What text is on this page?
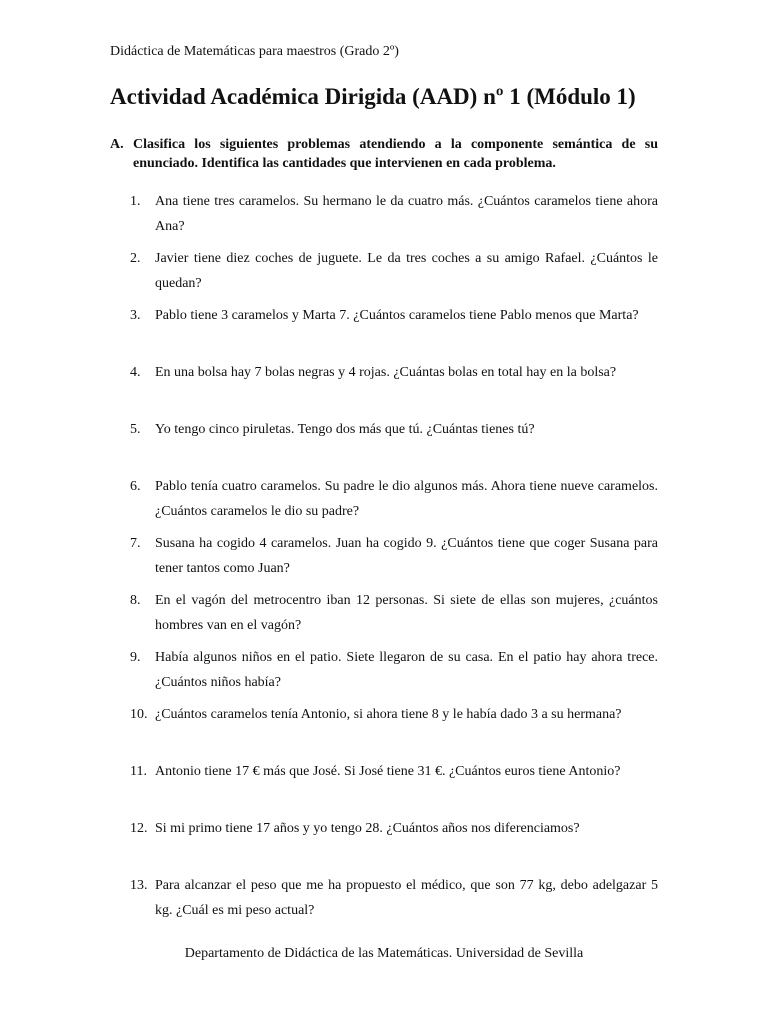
Didáctica de Matemáticas para maestros (Grado 2º)
Actividad Académica Dirigida (AAD) nº 1 (Módulo 1)
A. Clasifica los siguientes problemas atendiendo a la componente semántica de su enunciado. Identifica las cantidades que intervienen en cada problema.
1.	Ana tiene tres caramelos. Su hermano le da cuatro más. ¿Cuántos caramelos tiene ahora Ana?
2.	Javier tiene diez coches de juguete. Le da tres coches a su amigo Rafael. ¿Cuántos le quedan?
3.	Pablo tiene 3 caramelos y Marta 7. ¿Cuántos caramelos tiene Pablo menos que Marta?
4.	En una bolsa hay 7 bolas negras y 4 rojas. ¿Cuántas bolas en total hay en la bolsa?
5.	Yo tengo cinco piruletas. Tengo dos más que tú. ¿Cuántas tienes tú?
6.	Pablo tenía cuatro caramelos. Su padre le dio algunos más. Ahora tiene nueve caramelos. ¿Cuántos caramelos le dio su padre?
7.	Susana ha cogido 4 caramelos. Juan ha cogido 9. ¿Cuántos tiene que coger Susana para tener tantos como Juan?
8.	En el vagón del metrocentro iban 12 personas. Si siete de ellas son mujeres, ¿cuántos hombres van en el vagón?
9.	Había algunos niños en el patio. Siete llegaron de su casa. En el patio hay ahora trece. ¿Cuántos niños había?
10. ¿Cuántos caramelos tenía Antonio, si ahora tiene 8 y le había dado 3 a su hermana?
11. Antonio tiene 17 € más que José. Si José tiene 31 €. ¿Cuántos euros tiene Antonio?
12. Si mi primo tiene 17 años y yo tengo 28. ¿Cuántos años nos diferenciamos?
13. Para alcanzar el peso que me ha propuesto el médico, que son 77 kg, debo adelgazar 5 kg. ¿Cuál es mi peso actual?
Departamento de Didáctica de las Matemáticas. Universidad de Sevilla
